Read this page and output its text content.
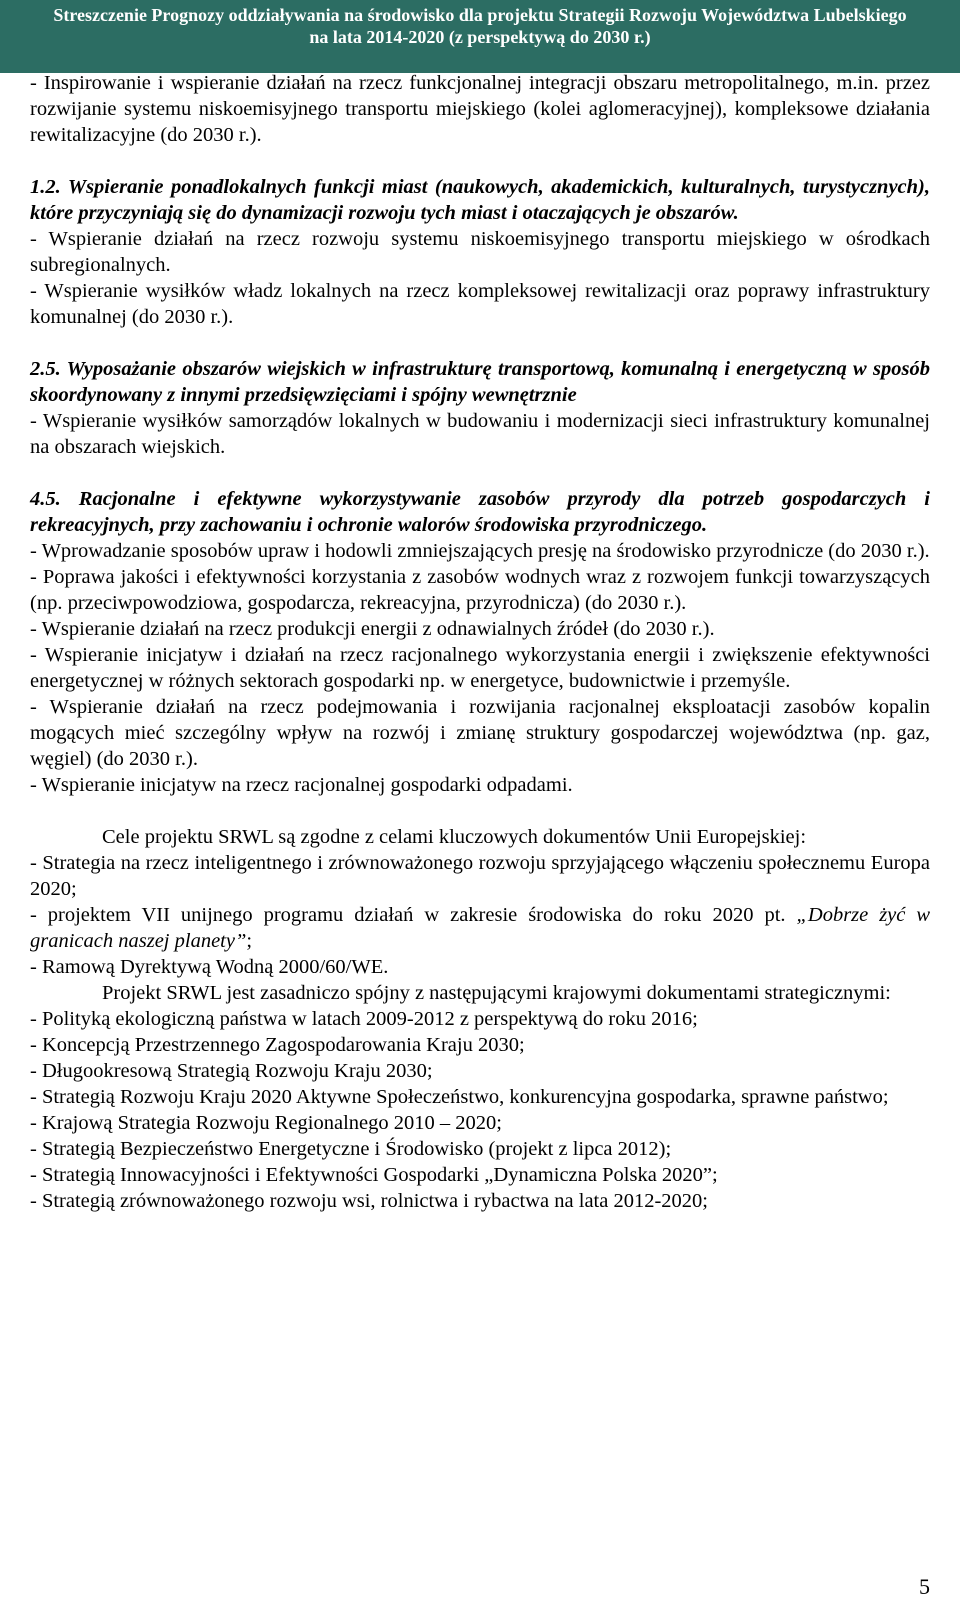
Streszczenie Prognozy oddziaływania na środowisko dla projektu Strategii Rozwoju Województwa Lubelskiego
na lata 2014-2020 (z perspektywą do 2030 r.)

- Inspirowanie i wspieranie działań na rzecz funkcjonalnej integracji obszaru metropolitalnego, m.in. przez rozwijanie systemu niskoemisyjnego transportu miejskiego (kolei aglomeracyjnej), kompleksowe działania rewitalizacyjne (do 2030 r.).

1.2. Wspieranie ponadlokalnych funkcji miast (naukowych, akademickich, kulturalnych, turystycznych), które przyczyniają się do dynamizacji rozwoju tych miast i otaczających je obszarów.

- Wspieranie działań na rzecz rozwoju systemu niskoemisyjnego transportu miejskiego w ośrodkach subregionalnych.

- Wspieranie wysiłków władz lokalnych na rzecz kompleksowej rewitalizacji oraz poprawy infrastruktury komunalnej (do 2030 r.).

2.5. Wyposażanie obszarów wiejskich w infrastrukturę transportową, komunalną i energetyczną w sposób skoordynowany z innymi przedsięwzięciami i spójny wewnętrznie

- Wspieranie wysiłków samorządów lokalnych w budowaniu i modernizacji sieci infrastruktury komunalnej na obszarach wiejskich.

4.5. Racjonalne i efektywne wykorzystywanie zasobów przyrody dla potrzeb gospodarczych i rekreacyjnych, przy zachowaniu i ochronie walorów środowiska przyrodniczego.

- Wprowadzanie sposobów upraw i hodowli zmniejszających presję na środowisko przyrodnicze (do 2030 r.).

- Poprawa jakości i efektywności korzystania z zasobów wodnych wraz z rozwojem funkcji towarzyszących (np. przeciwpowodziowa, gospodarcza, rekreacyjna, przyrodnicza) (do 2030 r.).

- Wspieranie działań na rzecz produkcji energii z odnawialnych źródeł (do 2030 r.).

- Wspieranie inicjatyw i działań na rzecz racjonalnego wykorzystania energii i zwiększenie efektywności energetycznej w różnych sektorach gospodarki np. w energetyce, budownictwie i przemyśle.

- Wspieranie działań na rzecz podejmowania i rozwijania racjonalnej eksploatacji zasobów kopalin mogących mieć szczególny wpływ na rozwój i zmianę struktury gospodarczej województwa (np. gaz, węgiel) (do 2030 r.).

- Wspieranie inicjatyw na rzecz racjonalnej gospodarki odpadami.

Cele projektu SRWL są zgodne z celami kluczowych dokumentów Unii Europejskiej:

- Strategia na rzecz inteligentnego i zrównoważonego rozwoju sprzyjającego włączeniu społecznemu Europa 2020;

- projektem VII unijnego programu działań w zakresie środowiska do roku 2020 pt. „Dobrze żyć w granicach naszej planety”;

- Ramową Dyrektywą Wodną 2000/60/WE.

Projekt SRWL jest zasadniczo spójny z następującymi krajowymi dokumentami strategicznymi:

- Polityką ekologiczną państwa w latach 2009-2012 z perspektywą do roku 2016;

- Koncepcją Przestrzennego Zagospodarowania Kraju 2030;

- Długookresową Strategią Rozwoju Kraju 2030;

- Strategią Rozwoju Kraju 2020 Aktywne Społeczeństwo, konkurencyjna gospodarka, sprawne państwo;

- Krajową Strategia Rozwoju Regionalnego 2010 – 2020;

- Strategią Bezpieczeństwo Energetyczne i Środowisko (projekt z lipca 2012);

- Strategią Innowacyjności i Efektywności Gospodarki „Dynamiczna Polska 2020”;

- Strategią zrównoważonego rozwoju wsi, rolnictwa i rybactwa na lata 2012-2020;

5
